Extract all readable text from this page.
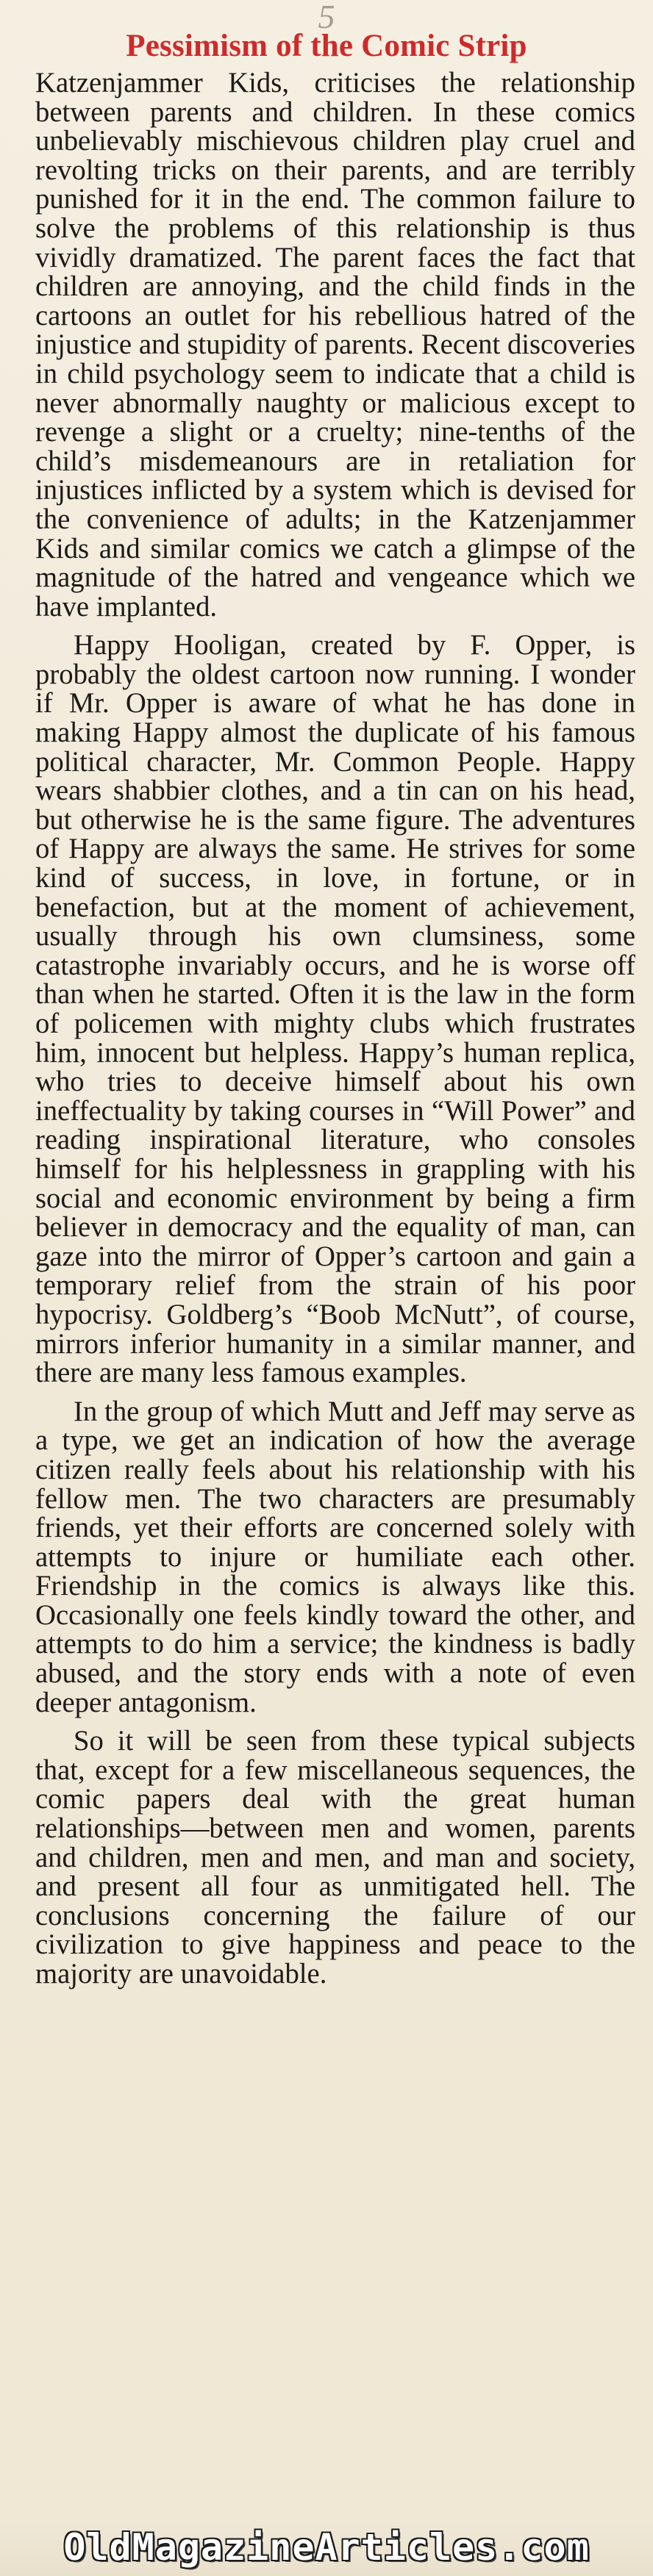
5
Pessimism of the Comic Strip

Katzenjammer Kids, criticises the relationship between parents and children. In these comics unbelievably mischievous children play cruel and revolting tricks on their parents, and are terribly punished for it in the end. The common failure to solve the problems of this relationship is thus vividly dramatized. The parent faces the fact that children are annoying, and the child finds in the cartoons an outlet for his rebellious hatred of the injustice and stupidity of parents. Recent discoveries in child psychology seem to indicate that a child is never abnormally naughty or malicious except to revenge a slight or a cruelty; nine-tenths of the child’s misdemeanours are in retaliation for injustices inflicted by a system which is devised for the convenience of adults; in the Katzenjammer Kids and similar comics we catch a glimpse of the magnitude of the hatred and vengeance which we have implanted.

Happy Hooligan, created by F. Opper, is probably the oldest cartoon now running. I wonder if Mr. Opper is aware of what he has done in making Happy almost the duplicate of his famous political character, Mr. Common People. Happy wears shabbier clothes, and a tin can on his head, but otherwise he is the same figure. The adventures of Happy are always the same. He strives for some kind of success, in love, in fortune, or in benefaction, but at the moment of achievement, usually through his own clumsiness, some catastrophe invariably occurs, and he is worse off than when he started. Often it is the law in the form of policemen with mighty clubs which frustrates him, innocent but helpless. Happy’s human replica, who tries to deceive himself about his own ineffectuality by taking courses in “Will Power” and reading inspirational literature, who consoles himself for his helplessness in grappling with his social and economic environment by being a firm believer in democracy and the equality of man, can gaze into the mirror of Opper’s cartoon and gain a temporary relief from the strain of his poor hypocrisy. Goldberg’s “Boob McNutt”, of course, mirrors inferior humanity in a similar manner, and there are many less famous examples.

In the group of which Mutt and Jeff may serve as a type, we get an indication of how the average citizen really feels about his relationship with his fellow men. The two characters are presumably friends, yet their efforts are concerned solely with attempts to injure or humiliate each other. Friendship in the comics is always like this. Occasionally one feels kindly toward the other, and attempts to do him a service; the kindness is badly abused, and the story ends with a note of even deeper antagonism.

So it will be seen from these typical subjects that, except for a few miscellaneous sequences, the comic papers deal with the great human relationships—between men and women, parents and children, men and men, and man and society, and present all four as unmitigated hell. The conclusions concerning the failure of our civilization to give happiness and peace to the majority are unavoidable.

OldMagazineArticles.com
